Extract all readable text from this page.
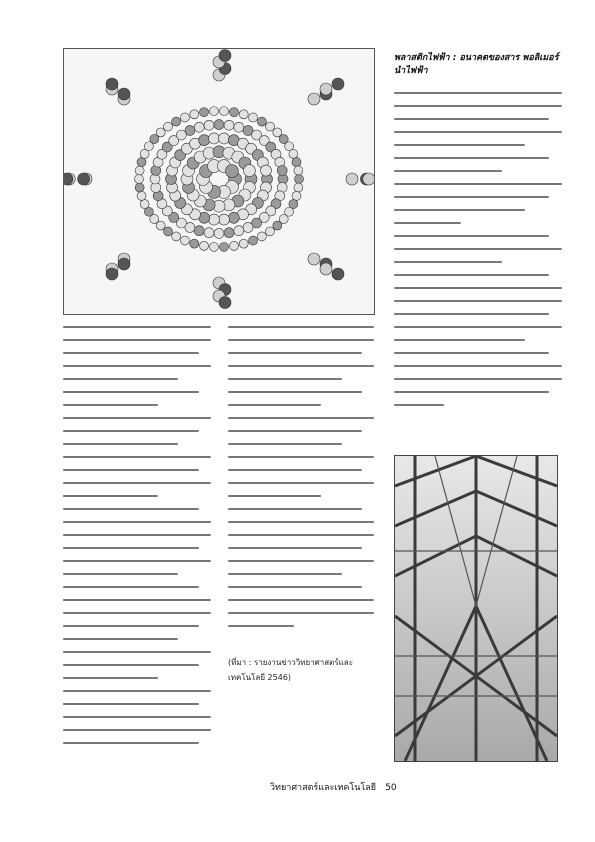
พลาสติกไฟฟ้า : อนาคตของสาร พอลิเมอร์นำไฟฟ้า
(ที่มา : รายงานข่าววิทยาศาสตร์และเทคโนโลยี 2546)
วิทยาศาสตร์และเทคโนโลยี 50
